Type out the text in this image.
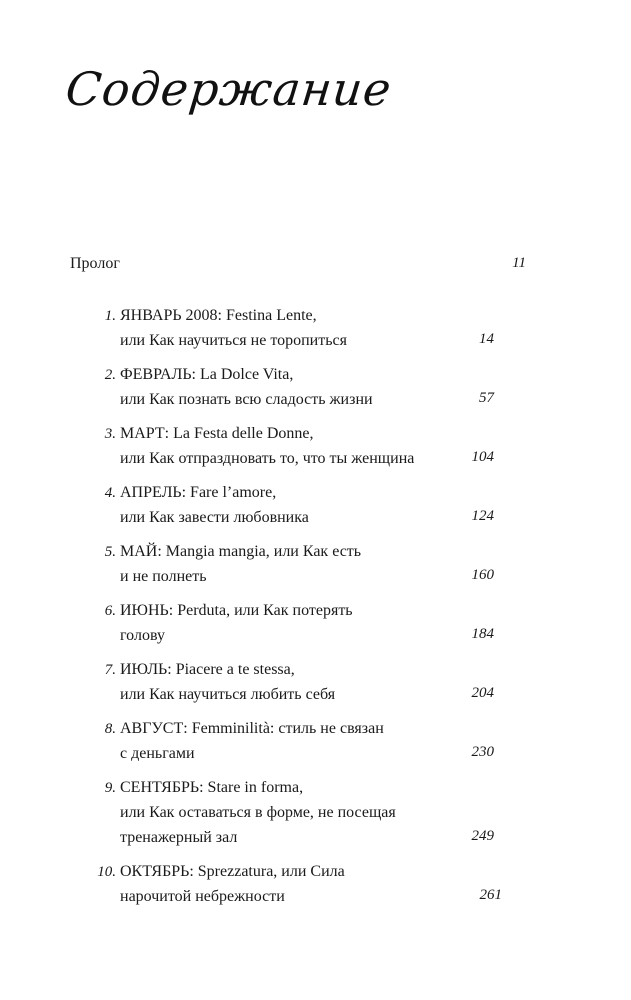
Содержание
Пролог	11
1. ЯНВАРЬ 2008: Festina Lente,
или Как научиться не торопиться	14
2. ФЕВРАЛЬ: La Dolce Vita,
или Как познать всю сладость жизни	57
3. МАРТ: La Festa delle Donne,
или Как отпраздновать то, что ты женщина	104
4. АПРЕЛЬ: Fare l’amore,
или Как завести любовника	124
5. МАЙ: Mangia mangia, или Как есть
и не полнеть	160
6. ИЮНЬ: Perduta, или Как потерять
голову	184
7. ИЮЛЬ: Piacere a te stessa,
или Как научиться любить себя	204
8. АВГУСТ: Femminilità: стиль не связан
с деньгами	230
9. СЕНТЯБРЬ: Stare in forma,
или Как оставаться в форме, не посещая
тренажерный зал	249
10. ОКТЯБРЬ: Sprezzatura, или Сила
нарочитой небрежности	261
